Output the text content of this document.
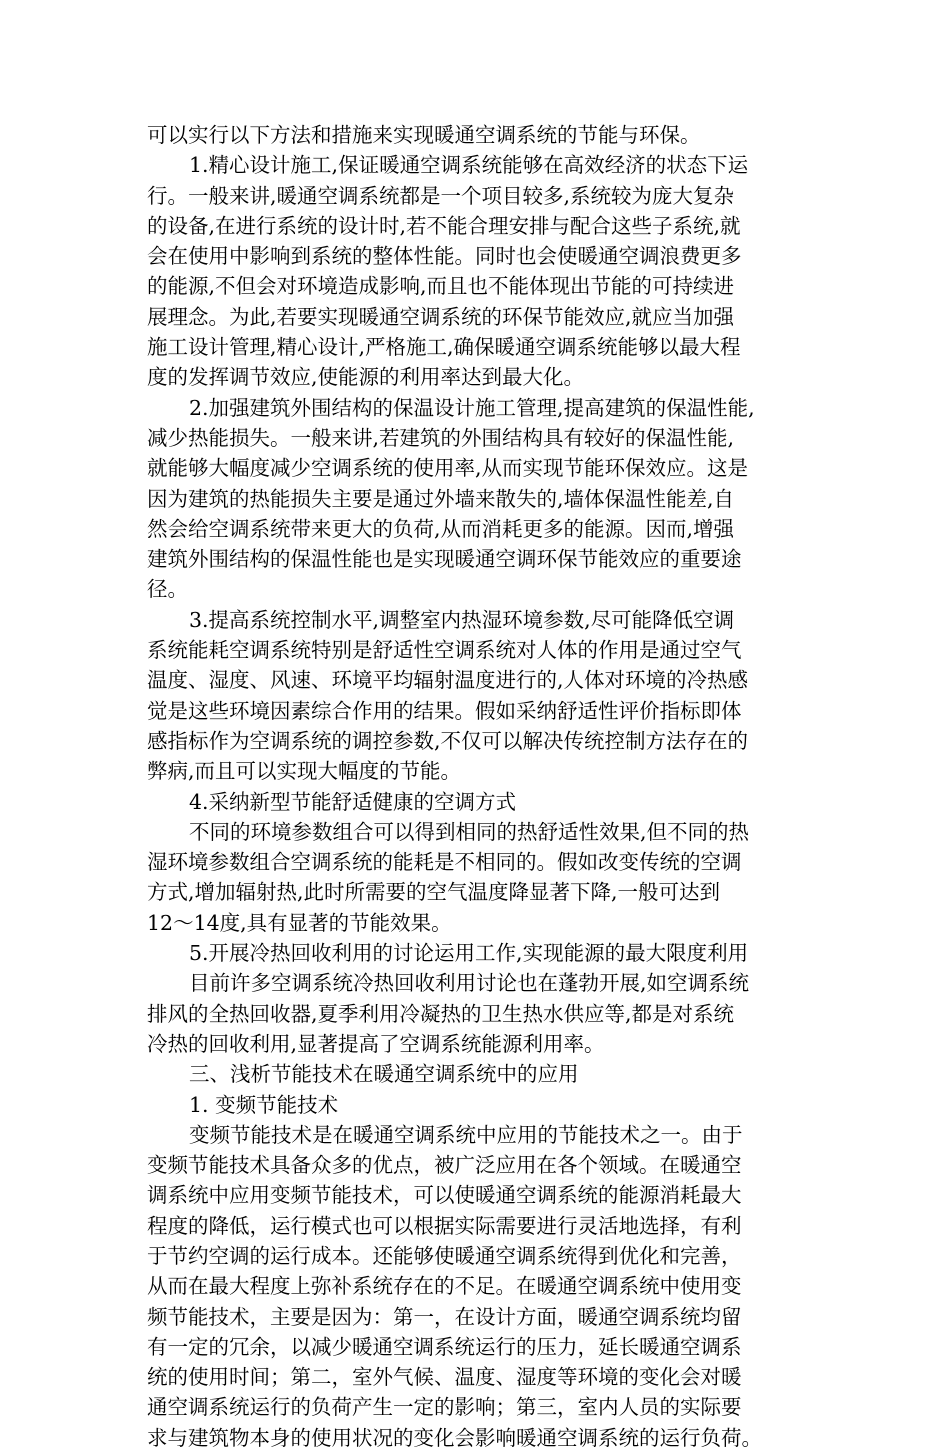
可以实行以下方法和措施来实现暖通空调系统的节能与环保。
1.精心设计施工,保证暖通空调系统能够在高效经济的状态下运
行。一般来讲,暖通空调系统都是一个项目较多,系统较为庞大复杂
的设备,在进行系统的设计时,若不能合理安排与配合这些子系统,就
会在使用中影响到系统的整体性能。同时也会使暖通空调浪费更多
的能源,不但会对环境造成影响,而且也不能体现出节能的可持续进
展理念。为此,若要实现暖通空调系统的环保节能效应,就应当加强
施工设计管理,精心设计,严格施工,确保暖通空调系统能够以最大程
度的发挥调节效应,使能源的利用率达到最大化。
2.加强建筑外围结构的保温设计施工管理,提高建筑的保温性能,
减少热能损失。一般来讲,若建筑的外围结构具有较好的保温性能,
就能够大幅度减少空调系统的使用率,从而实现节能环保效应。这是
因为建筑的热能损失主要是通过外墙来散失的,墙体保温性能差,自
然会给空调系统带来更大的负荷,从而消耗更多的能源。因而,增强
建筑外围结构的保温性能也是实现暖通空调环保节能效应的重要途
径。
3.提高系统控制水平,调整室内热湿环境参数,尽可能降低空调
系统能耗空调系统特别是舒适性空调系统对人体的作用是通过空气
温度、湿度、风速、环境平均辐射温度进行的,人体对环境的冷热感
觉是这些环境因素综合作用的结果。假如采纳舒适性评价指标即体
感指标作为空调系统的调控参数,不仅可以解决传统控制方法存在的
弊病,而且可以实现大幅度的节能。
4.采纳新型节能舒适健康的空调方式
不同的环境参数组合可以得到相同的热舒适性效果,但不同的热
湿环境参数组合空调系统的能耗是不相同的。假如改变传统的空调
方式,增加辐射热,此时所需要的空气温度降显著下降,一般可达到
12～14度,具有显著的节能效果。
5.开展冷热回收利用的讨论运用工作,实现能源的最大限度利用
目前许多空调系统冷热回收利用讨论也在蓬勃开展,如空调系统
排风的全热回收器,夏季利用冷凝热的卫生热水供应等,都是对系统
冷热的回收利用,显著提高了空调系统能源利用率。
三、浅析节能技术在暖通空调系统中的应用
1. 变频节能技术
变频节能技术是在暖通空调系统中应用的节能技术之一。由于
变频节能技术具备众多的优点，被广泛应用在各个领域。在暖通空
调系统中应用变频节能技术，可以使暖通空调系统的能源消耗最大
程度的降低，运行模式也可以根据实际需要进行灵活地选择，有利
于节约空调的运行成本。还能够使暖通空调系统得到优化和完善，
从而在最大程度上弥补系统存在的不足。在暖通空调系统中使用变
频节能技术，主要是因为：第一，在设计方面，暖通空调系统均留
有一定的冗余，以减少暖通空调系统运行的压力，延长暖通空调系
统的使用时间；第二，室外气候、温度、湿度等环境的变化会对暖
通空调系统运行的负荷产生一定的影响；第三，室内人员的实际要
求与建筑物本身的使用状况的变化会影响暖通空调系统的运行负荷。
